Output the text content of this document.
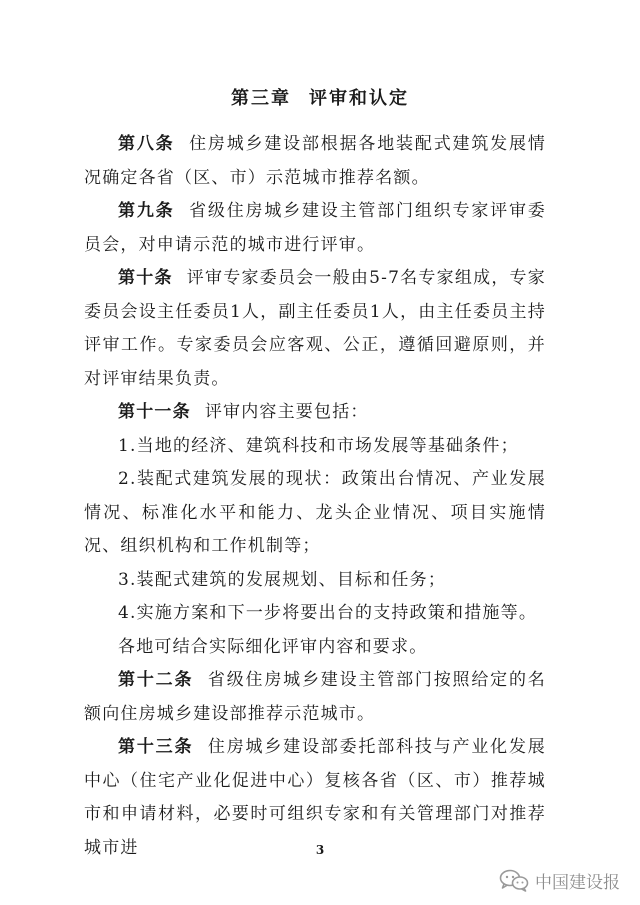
第三章 评审和认定

第八条 住房城乡建设部根据各地装配式建筑发展情况确定各省（区、市）示范城市推荐名额。

第九条 省级住房城乡建设主管部门组织专家评审委员会，对申请示范的城市进行评审。

第十条 评审专家委员会一般由5-7名专家组成，专家委员会设主任委员1人，副主任委员1人，由主任委员主持评审工作。专家委员会应客观、公正，遵循回避原则，并对评审结果负责。

第十一条 评审内容主要包括：

1.当地的经济、建筑科技和市场发展等基础条件；

2.装配式建筑发展的现状：政策出台情况、产业发展情况、标准化水平和能力、龙头企业情况、项目实施情况、组织机构和工作机制等；

3.装配式建筑的发展规划、目标和任务；

4.实施方案和下一步将要出台的支持政策和措施等。

各地可结合实际细化评审内容和要求。

第十二条 省级住房城乡建设主管部门按照给定的名额向住房城乡建设部推荐示范城市。

第十三条 住房城乡建设部委托部科技与产业化发展中心（住宅产业化促进中心）复核各省（区、市）推荐城市和申请材料，必要时可组织专家和有关管理部门对推荐城市进	3
中国建设报
